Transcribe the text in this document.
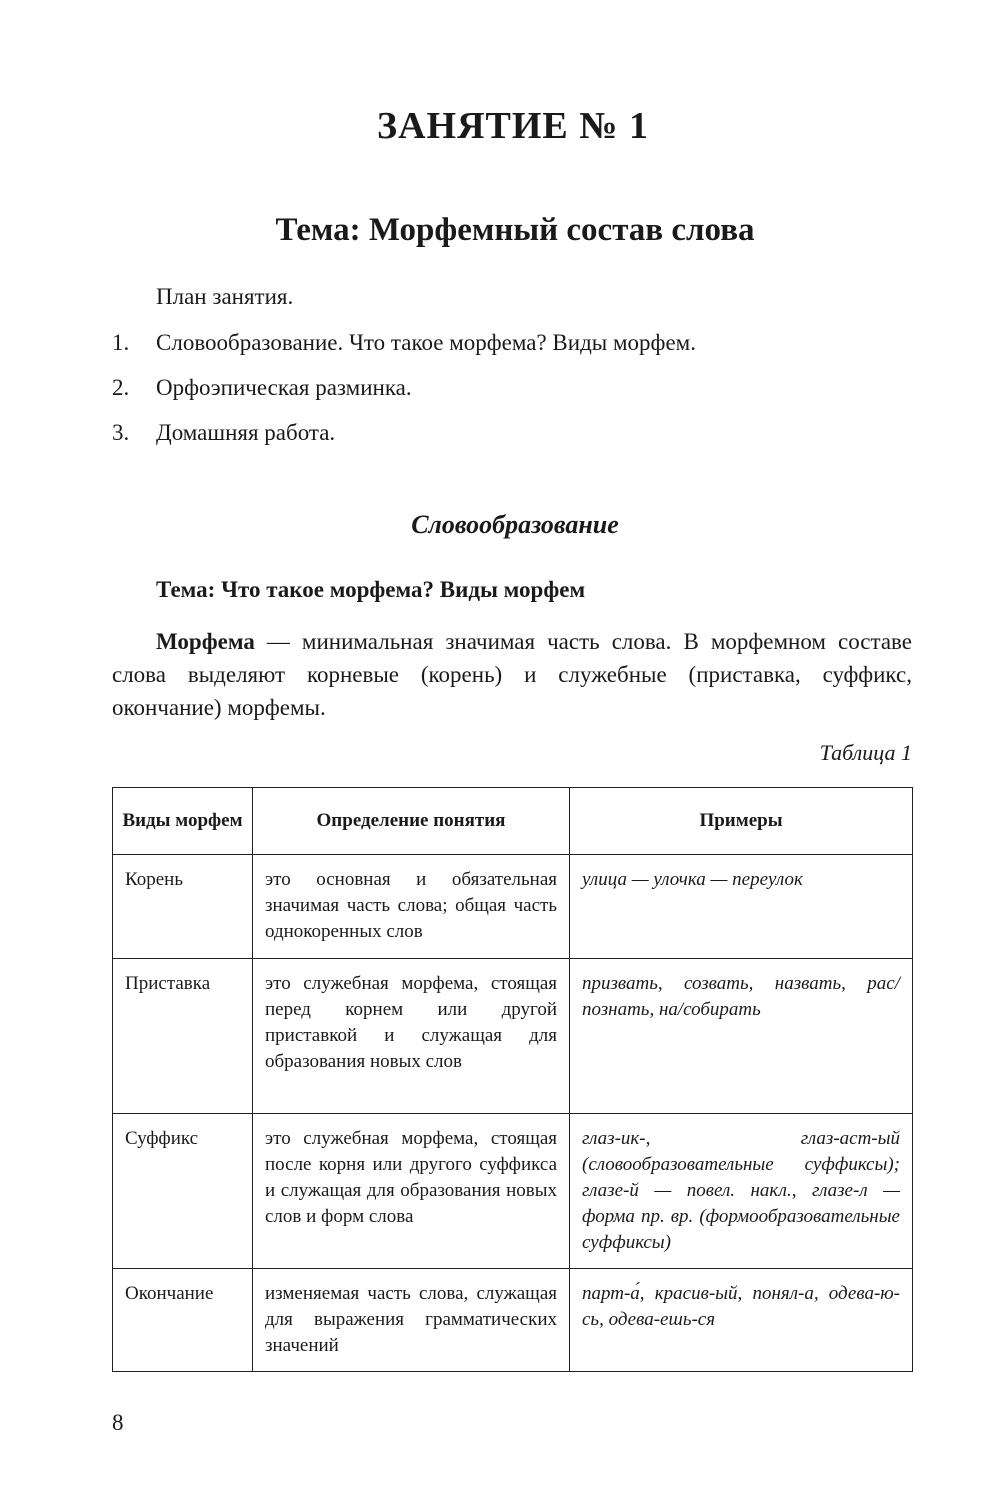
ЗАНЯТИЕ № 1
Тема: Морфемный состав слова

План занятия.

1.	Словообразование. Что такое морфема? Виды морфем.
2.	Орфоэпическая разминка.
3.	Домашняя работа.
Словообразование

Тема: Что такое морфема? Виды морфем

Морфема — минимальная значимая часть слова. В морфемном составе слова выделяют корневые (корень) и служебные (приставка, суффикс, окончание) морфемы.

Таблица 1

Виды морфем	Определение понятия	Примеры
Корень	это основная и обязательная значимая часть слова; общая часть однокоренных слов	улица — улочка — переулок
Приставка	это служебная морфема, стоящая перед корнем или другой приставкой и служащая для образования новых слов	призвать, созвать, назвать, рас/познать, на/собирать
Суффикс	это служебная морфема, стоящая после корня или другого суффикса и служащая для образования новых слов и форм слова	глаз-ик-, глаз-аст-ый (словообразовательные суффиксы); глазе-й — повел. накл., глазе-л — форма пр. вр. (формообразовательные суффиксы)
Окончание	изменяемая часть слова, служащая для выражения грамматических значений	парт-а́, красив-ый, понял-а, одева-ю-сь, одева-ешь-ся

8
